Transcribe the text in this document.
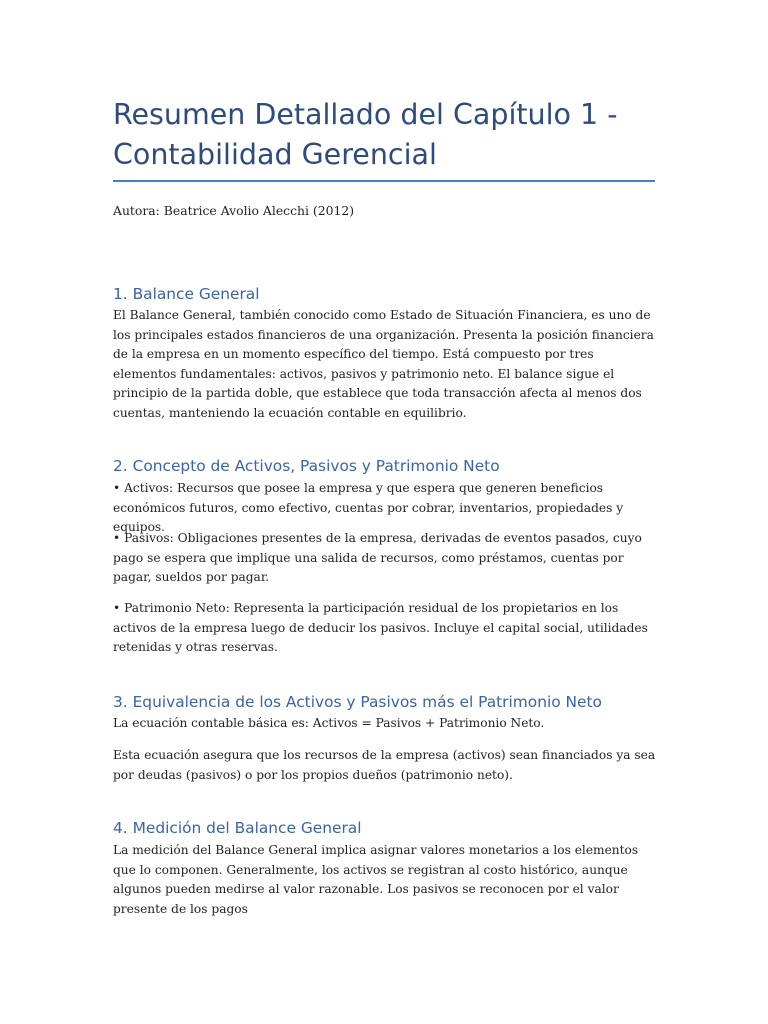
Resumen Detallado del Capítulo 1 - Contabilidad Gerencial

Autora: Beatrice Avolio Alecchi (2012)

1. Balance General

El Balance General, también conocido como Estado de Situación Financiera, es uno de los principales estados financieros de una organización. Presenta la posición financiera de la empresa en un momento específico del tiempo. Está compuesto por tres elementos fundamentales: activos, pasivos y patrimonio neto. El balance sigue el principio de la partida doble, que establece que toda transacción afecta al menos dos cuentas, manteniendo la ecuación contable en equilibrio.

2. Concepto de Activos, Pasivos y Patrimonio Neto

• Activos: Recursos que posee la empresa y que espera que generen beneficios económicos futuros, como efectivo, cuentas por cobrar, inventarios, propiedades y equipos.

• Pasivos: Obligaciones presentes de la empresa, derivadas de eventos pasados, cuyo pago se espera que implique una salida de recursos, como préstamos, cuentas por pagar, sueldos por pagar.

• Patrimonio Neto: Representa la participación residual de los propietarios en los activos de la empresa luego de deducir los pasivos. Incluye el capital social, utilidades retenidas y otras reservas.

3. Equivalencia de los Activos y Pasivos más el Patrimonio Neto

La ecuación contable básica es: Activos = Pasivos + Patrimonio Neto.

Esta ecuación asegura que los recursos de la empresa (activos) sean financiados ya sea por deudas (pasivos) o por los propios dueños (patrimonio neto).

4. Medición del Balance General

La medición del Balance General implica asignar valores monetarios a los elementos que lo componen. Generalmente, los activos se registran al costo histórico, aunque algunos pueden medirse al valor razonable. Los pasivos se reconocen por el valor presente de los pagos
